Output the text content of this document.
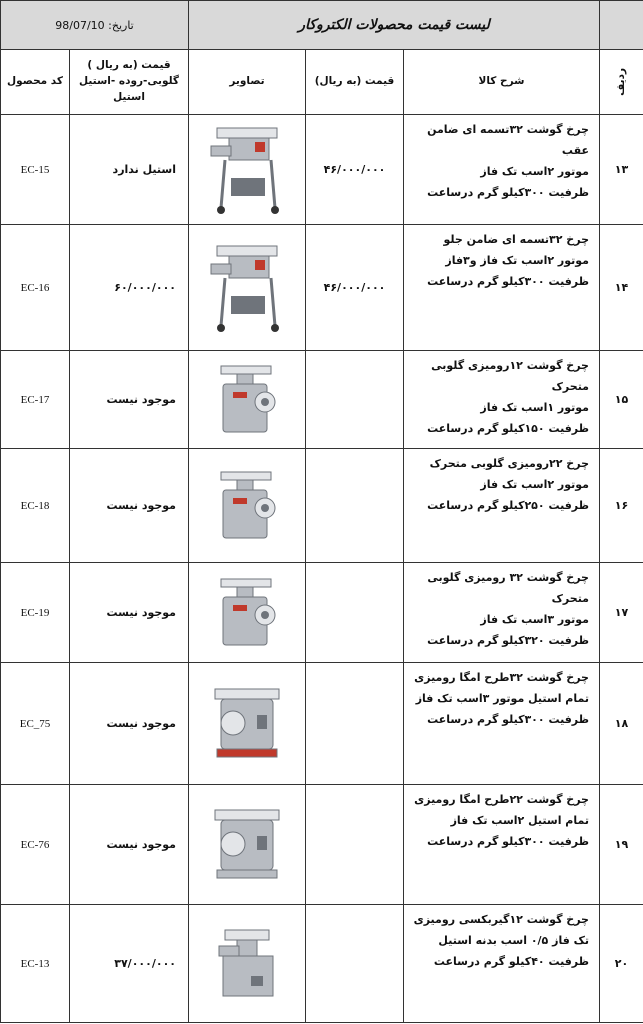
تاریخ: 98/07/10		لیست قیمت محصولات الکتروکار			
کد محصول	قیمت (به ریال ) گلوبی-روده -استیل استیل	تصاویر	قیمت (به ریال)	شرح کالا	ردیف
EC-15	استیل ندارد		۴۶/۰۰۰/۰۰۰	چرخ گوشت ۳۲تسمه ای ضامن عقب
موتور ۲اسب تک فاز
ظرفیت ۳۰۰کیلو گرم درساعت	۱۳
EC-16	۶۰/۰۰۰/۰۰۰		۴۶/۰۰۰/۰۰۰	چرخ ۳۲تسمه ای ضامن جلو
موتور ۲اسب تک فاز و۳فاز
ظرفیت ۳۰۰کیلو گرم درساعت	۱۴
EC-17	موجود نیست			چرخ گوشت ۱۲رومیزی گلوبی متحرک
موتور ۱اسب تک فاز
ظرفیت ۱۵۰کیلو گرم درساعت	۱۵
EC-18	موجود نیست			چرخ ۲۲رومیزی گلوبی متحرک
موتور ۲اسب تک فاز
ظرفیت ۲۵۰کیلو گرم درساعت	۱۶
EC-19	موجود نیست			چرخ گوشت ۳۲ رومیزی گلوبی متحرک
موتور ۳اسب تک فاز
ظرفیت ۳۲۰کیلو گرم درساعت	۱۷
EC_75	موجود نیست			چرخ گوشت ۳۲طرح امگا رومیزی
تمام استیل موتور ۳اسب تک فاز
ظرفیت ۳۰۰کیلو گرم درساعت	۱۸
EC-76	موجود نیست			چرخ گوشت ۲۲طرح امگا رومیزی
تمام استیل ۲اسب تک فاز
ظرفیت ۳۰۰کیلو گرم درساعت	۱۹
EC-13	۳۷/۰۰۰/۰۰۰			چرخ گوشت ۱۲گیربکسی رومیزی
تک فاز ۰/۵ اسب بدنه استیل
ظرفیت ۴۰کیلو گرم درساعت	۲۰
